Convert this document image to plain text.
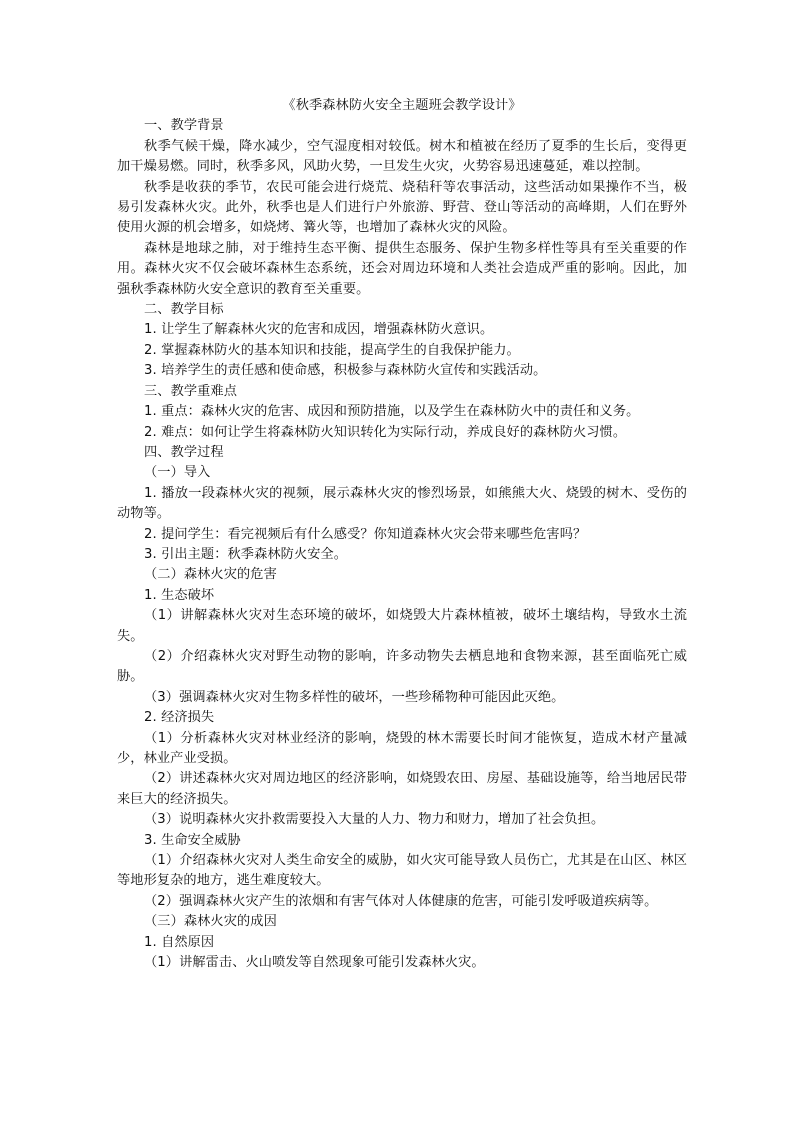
《秋季森林防火安全主题班会教学设计》

一、教学背景

秋季气候干燥，降水减少，空气湿度相对较低。树木和植被在经历了夏季的生长后，变得更加干燥易燃。同时，秋季多风，风助火势，一旦发生火灾，火势容易迅速蔓延，难以控制。

秋季是收获的季节，农民可能会进行烧荒、烧秸秆等农事活动，这些活动如果操作不当，极易引发森林火灾。此外，秋季也是人们进行户外旅游、野营、登山等活动的高峰期，人们在野外使用火源的机会增多，如烧烤、篝火等，也增加了森林火灾的风险。

森林是地球之肺，对于维持生态平衡、提供生态服务、保护生物多样性等具有至关重要的作用。森林火灾不仅会破坏森林生态系统，还会对周边环境和人类社会造成严重的影响。因此，加强秋季森林防火安全意识的教育至关重要。

二、教学目标

1. 让学生了解森林火灾的危害和成因，增强森林防火意识。

2. 掌握森林防火的基本知识和技能，提高学生的自我保护能力。

3. 培养学生的责任感和使命感，积极参与森林防火宣传和实践活动。

三、教学重难点

1. 重点：森林火灾的危害、成因和预防措施，以及学生在森林防火中的责任和义务。

2. 难点：如何让学生将森林防火知识转化为实际行动，养成良好的森林防火习惯。

四、教学过程

（一）导入

1. 播放一段森林火灾的视频，展示森林火灾的惨烈场景，如熊熊大火、烧毁的树木、受伤的动物等。

2. 提问学生：看完视频后有什么感受？你知道森林火灾会带来哪些危害吗？

3. 引出主题：秋季森林防火安全。

（二）森林火灾的危害

1. 生态破坏

（1）讲解森林火灾对生态环境的破坏，如烧毁大片森林植被，破坏土壤结构，导致水土流失。

（2）介绍森林火灾对野生动物的影响，许多动物失去栖息地和食物来源，甚至面临死亡威胁。

（3）强调森林火灾对生物多样性的破坏，一些珍稀物种可能因此灭绝。

2. 经济损失

（1）分析森林火灾对林业经济的影响，烧毁的林木需要长时间才能恢复，造成木材产量减少，林业产业受损。

（2）讲述森林火灾对周边地区的经济影响，如烧毁农田、房屋、基础设施等，给当地居民带来巨大的经济损失。

（3）说明森林火灾扑救需要投入大量的人力、物力和财力，增加了社会负担。

3. 生命安全威胁

（1）介绍森林火灾对人类生命安全的威胁，如火灾可能导致人员伤亡，尤其是在山区、林区等地形复杂的地方，逃生难度较大。

（2）强调森林火灾产生的浓烟和有害气体对人体健康的危害，可能引发呼吸道疾病等。

（三）森林火灾的成因

1. 自然原因

（1）讲解雷击、火山喷发等自然现象可能引发森林火灾。
